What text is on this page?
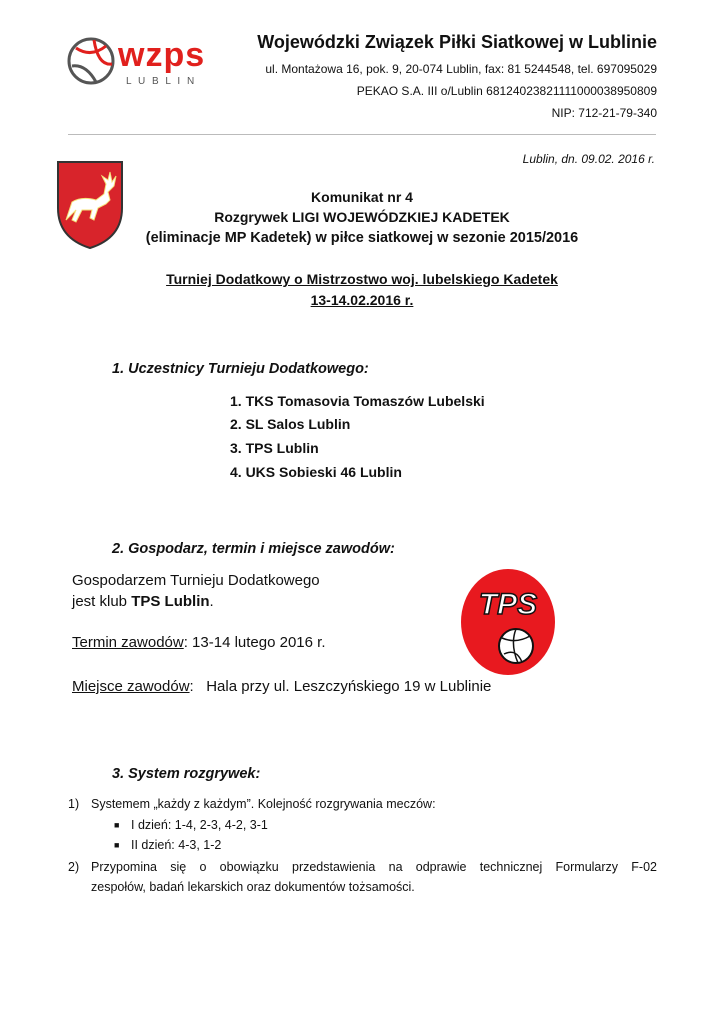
wzps
L U B L I N
Wojewódzki Związek Piłki Siatkowej w Lublinie
ul. Montażowa 16, pok. 9, 20-074 Lublin, fax: 81 5244548, tel. 697095029
PEKAO S.A. III o/Lublin 68124023821111000038950809
NIP: 712-21-79-340
Lublin, dn. 09.02. 2016 r.
Komunikat nr 4
Rozgrywek LIGI WOJEWÓDZKIEJ KADETEK
(eliminacje MP Kadetek) w piłce siatkowej w sezonie 2015/2016
Turniej Dodatkowy o Mistrzostwo woj. lubelskiego Kadetek
13-14.02.2016 r.
1. Uczestnicy Turnieju Dodatkowego:
1. TKS Tomasovia Tomaszów Lubelski
2. SL Salos Lublin
3. TPS Lublin
4. UKS Sobieski 46 Lublin
2. Gospodarz, termin i miejsce zawodów:
Gospodarzem Turnieju Dodatkowego
jest klub TPS Lublin.
Termin zawodów: 13-14 lutego 2016 r.
Miejsce zawodów:   Hala przy ul. Leszczyńskiego 19 w Lublinie
TPS
3. System rozgrywek:
1) Systemem „każdy z każdym”. Kolejność rozgrywania meczów:
■ I dzień: 1-4, 2-3, 4-2, 3-1
■ II dzień: 4-3, 1-2
2) Przypomina się o obowiązku przedstawienia na odprawie technicznej Formularzy F-02
zespołów, badań lekarskich oraz dokumentów tożsamości.
